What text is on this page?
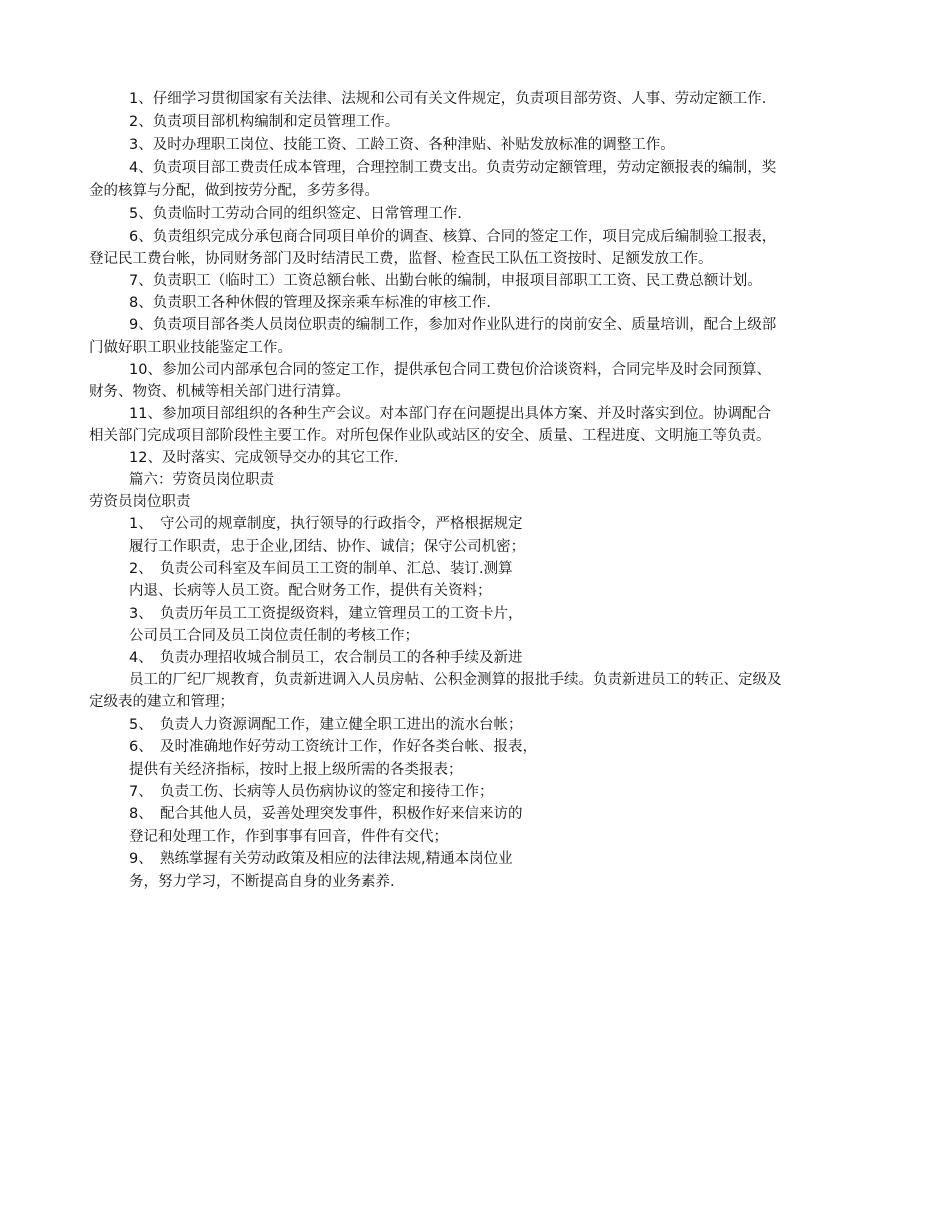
1、仔细学习贯彻国家有关法律、法规和公司有关文件规定，负责项目部劳资、人事、劳动定额工作.
2、负责项目部机构编制和定员管理工作。
3、及时办理职工岗位、技能工资、工龄工资、各种津贴、补贴发放标准的调整工作。
4、负责项目部工费责任成本管理，合理控制工费支出。负责劳动定额管理，劳动定额报表的编制，奖
金的核算与分配，做到按劳分配，多劳多得。
5、负责临时工劳动合同的组织签定、日常管理工作.
6、负责组织完成分承包商合同项目单价的调查、核算、合同的签定工作，项目完成后编制验工报表，
登记民工费台帐，协同财务部门及时结清民工费，监督、检查民工队伍工资按时、足额发放工作。
7、负责职工（临时工）工资总额台帐、出勤台帐的编制，申报项目部职工工资、民工费总额计划。
8、负责职工各种休假的管理及探亲乘车标准的审核工作.
9、负责项目部各类人员岗位职责的编制工作，参加对作业队进行的岗前安全、质量培训，配合上级部
门做好职工职业技能鉴定工作。
10、参加公司内部承包合同的签定工作，提供承包合同工费包价洽谈资料，合同完毕及时会同预算、
财务、物资、机械等相关部门进行清算。
11、参加项目部组织的各种生产会议。对本部门存在问题提出具体方案、并及时落实到位。协调配合
相关部门完成项目部阶段性主要工作。对所包保作业队或站区的安全、质量、工程进度、文明施工等负责。
12、及时落实、完成领导交办的其它工作.
篇六：劳资员岗位职责
劳资员岗位职责
1、　守公司的规章制度，执行领导的行政指令，严格根据规定
履行工作职责，忠于企业,团结、协作、诚信；保守公司机密；
2、　负责公司科室及车间员工工资的制单、汇总、装订.测算
内退、长病等人员工资。配合财务工作，提供有关资料；
3、　负责历年员工工资提级资料，建立管理员工的工资卡片，
公司员工合同及员工岗位责任制的考核工作；
4、　负责办理招收城合制员工，农合制员工的各种手续及新进
员工的厂纪厂规教育，负责新进调入人员房帖、公积金测算的报批手续。负责新进员工的转正、定级及
定级表的建立和管理；
5、　负责人力资源调配工作，建立健全职工进出的流水台帐；
6、　及时准确地作好劳动工资统计工作，作好各类台帐、报表，
提供有关经济指标，按时上报上级所需的各类报表；
7、　负责工伤、长病等人员伤病协议的签定和接待工作；
8、　配合其他人员，妥善处理突发事件，积极作好来信来访的
登记和处理工作，作到事事有回音，件件有交代；
9、　熟练掌握有关劳动政策及相应的法律法规,精通本岗位业
务，努力学习，不断提高自身的业务素养.
